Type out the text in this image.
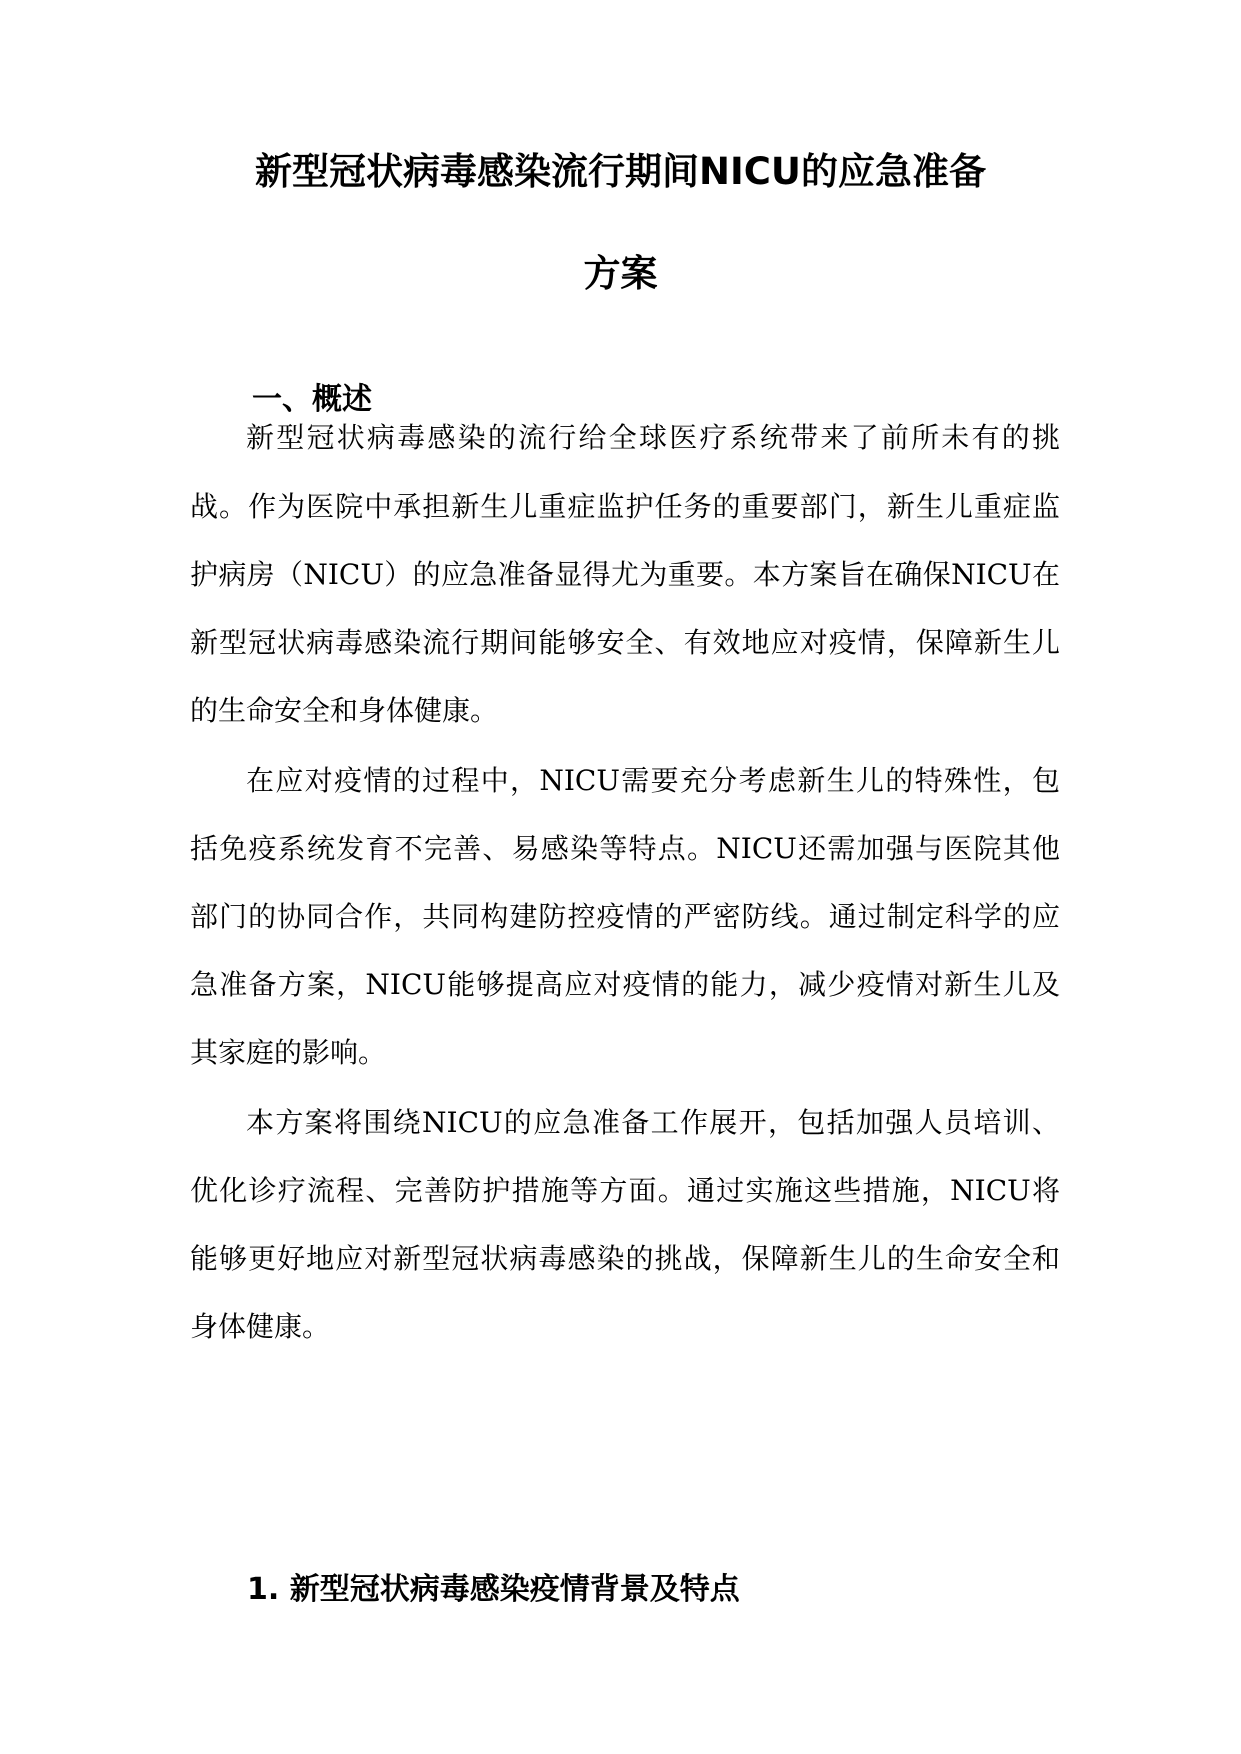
新型冠状病毒感染流行期间NICU的应急准备
方案
一、概述
新型冠状病毒感染的流行给全球医疗系统带来了前所未有的挑
战。作为医院中承担新生儿重症监护任务的重要部门，新生儿重症监
护病房（NICU）的应急准备显得尤为重要。本方案旨在确保NICU在
新型冠状病毒感染流行期间能够安全、有效地应对疫情，保障新生儿
的生命安全和身体健康。
在应对疫情的过程中，NICU需要充分考虑新生儿的特殊性，包
括免疫系统发育不完善、易感染等特点。NICU还需加强与医院其他
部门的协同合作，共同构建防控疫情的严密防线。通过制定科学的应
急准备方案，NICU能够提高应对疫情的能力，减少疫情对新生儿及
其家庭的影响。
本方案将围绕NICU的应急准备工作展开，包括加强人员培训、
优化诊疗流程、完善防护措施等方面。通过实施这些措施，NICU将
能够更好地应对新型冠状病毒感染的挑战，保障新生儿的生命安全和
身体健康。
1. 新型冠状病毒感染疫情背景及特点
